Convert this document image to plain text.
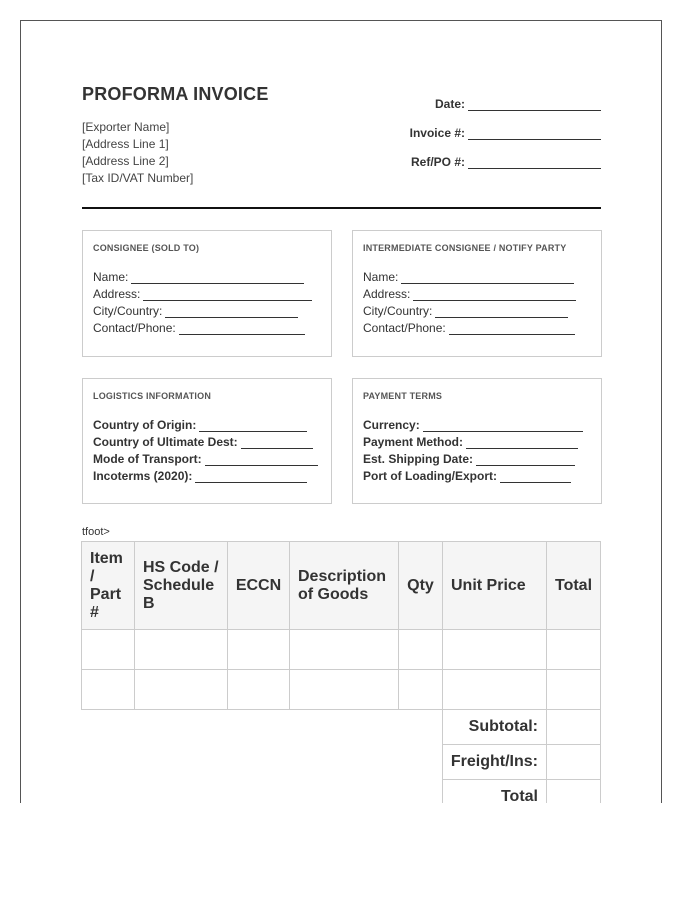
PROFORMA INVOICE
[Exporter Name]
[Address Line 1]
[Address Line 2]
[Tax ID/VAT Number]
Date:
Invoice #:
Ref/PO #:
CONSIGNEE (SOLD TO)
Name:
Address:
City/Country:
Contact/Phone:
INTERMEDIATE CONSIGNEE / NOTIFY PARTY
Name:
Address:
City/Country:
Contact/Phone:
LOGISTICS INFORMATION
Country of Origin:
Country of Ultimate Dest:
Mode of Transport:
Incoterms (2020):
PAYMENT TERMS
Currency:
Payment Method:
Est. Shipping Date:
Port of Loading/Export:
tfoot>
Item / Part #	HS Code / Schedule B	ECCN	Description of Goods	Qty	Unit Price	Total

					Subtotal:	
					Freight/Ins:	
					Total	
